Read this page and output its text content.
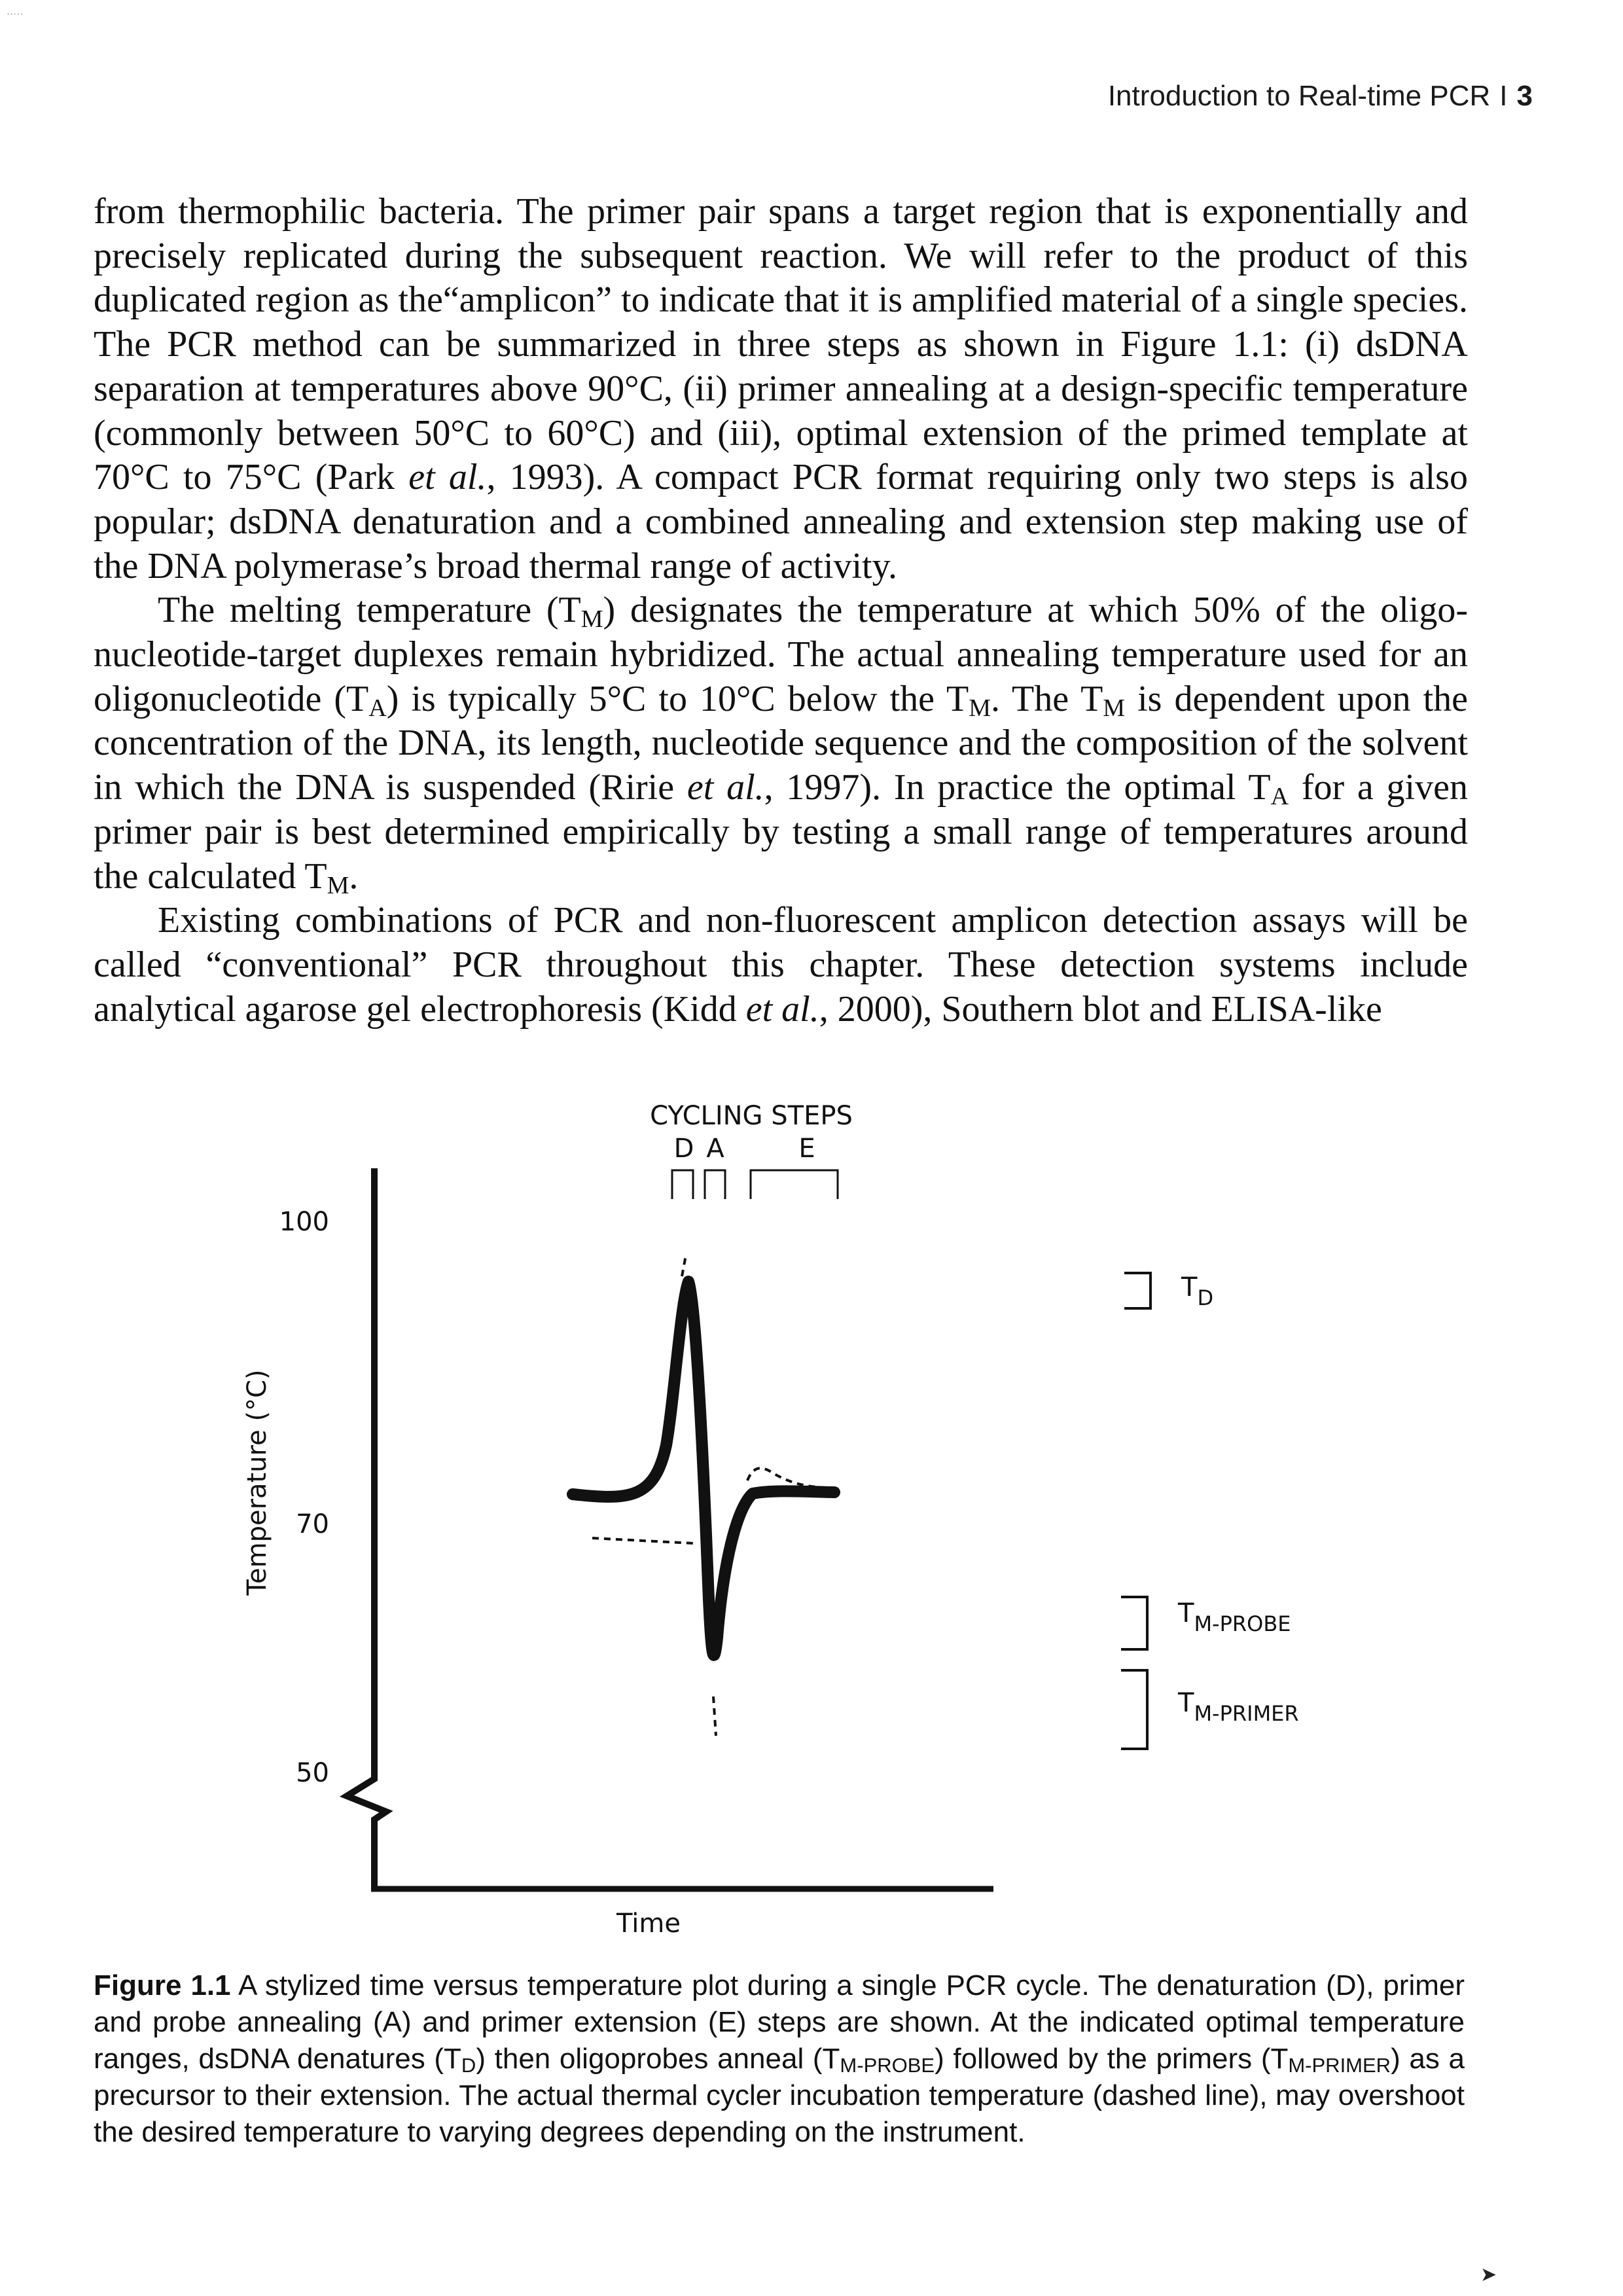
·····
Introduction to Real-time PCR I 3

from thermophilic bacteria. The primer pair spans a target region that is exponentially and precisely replicated during the subsequent reaction. We will refer to the product of this duplicated region as the“amplicon” to indicate that it is amplified material of a single species. The PCR method can be summarized in three steps as shown in Figure 1.1: (i) dsDNA separation at temperatures above 90°C, (ii) primer annealing at a design-specific temperature (commonly between 50°C to 60°C) and (iii), optimal extension of the primed template at 70°C to 75°C (Park et al., 1993). A compact PCR format requiring only two steps is also popular; dsDNA denaturation and a combined annealing and extension step making use of the DNA polymerase’s broad thermal range of activity.

The melting temperature $(T_M)$ designates the temperature at which 50% of the oligo-nucleotide-target duplexes remain hybridized. The actual annealing temperature used for an oligonucleotide $(T_A)$ is typically 5°C to 10°C below the $T_M$. The $T_M$ is dependent upon the concentration of the DNA, its length, nucleotide sequence and the composition of the solvent in which the DNA is suspended (Ririe et al., 1997). In practice the optimal $T_A$ for a given primer pair is best determined empirically by testing a small range of temperatures around the calculated $T_M$.

Existing combinations of PCR and non-fluorescent amplicon detection assays will be called “conventional” PCR throughout this chapter. These detection systems include analytical agarose gel electrophoresis (Kidd et al., 2000), Southern blot and ELISA-like

CYCLING STEPS
D A	E
Temperature (°C)
100
70
50
$T_D$
$T_{M-PROBE}$
$T_{M-PRIMER}$
Time

Figure 1.1 A stylized time versus temperature plot during a single PCR cycle. The denaturation (D), primer and probe annealing (A) and primer extension (E) steps are shown. At the indicated optimal temperature ranges, dsDNA denatures $(T_D)$ then oligoprobes anneal $(T_{M-PROBE})$ followed by the primers $(T_{M-PRIMER})$ as a precursor to their extension. The actual thermal cycler incubation temperature (dashed line), may overshoot the desired temperature to varying degrees depending on the instrument.

➤
